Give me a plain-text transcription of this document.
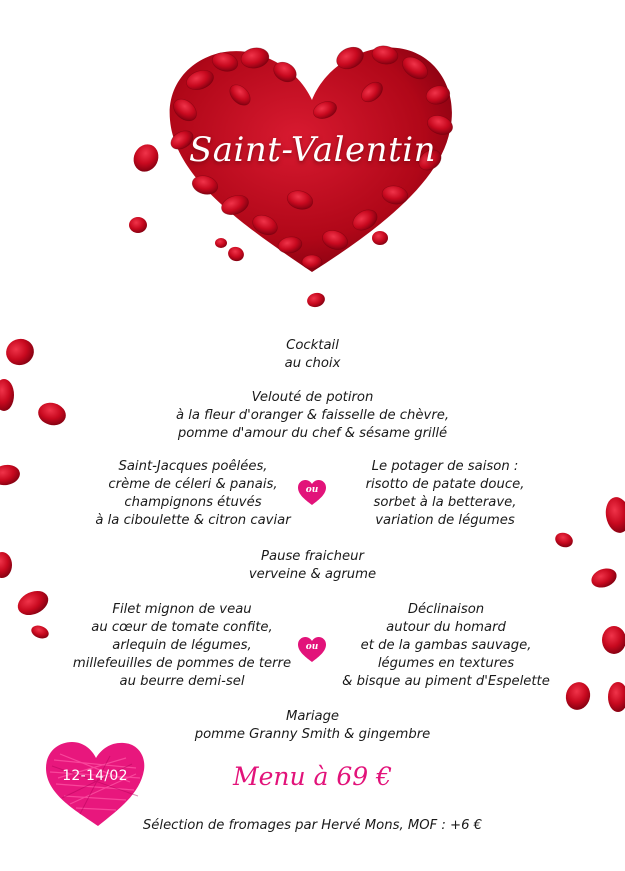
Saint-Valentin
Cocktail
au choix
Velouté de potiron
à la fleur d'oranger & faisselle de chèvre,
pomme d'amour du chef & sésame grillé
Saint-Jacques poêlées,
crème de céleri & panais,
champignons étuvés
à la ciboulette & citron caviar
ou
Le potager de saison :
risotto de patate douce,
sorbet à la betterave,
variation de légumes
Pause fraicheur
verveine & agrume
Filet mignon de veau
au cœur de tomate confite,
arlequin de légumes,
millefeuilles de pommes de terre
au beurre demi-sel
ou
Déclinaison
autour du homard
et de la gambas sauvage,
légumes en textures
& bisque au piment d'Espelette
Mariage
pomme Granny Smith & gingembre
12-14/02	Menu à 69 €
Sélection de fromages par Hervé Mons, MOF : +6 €
